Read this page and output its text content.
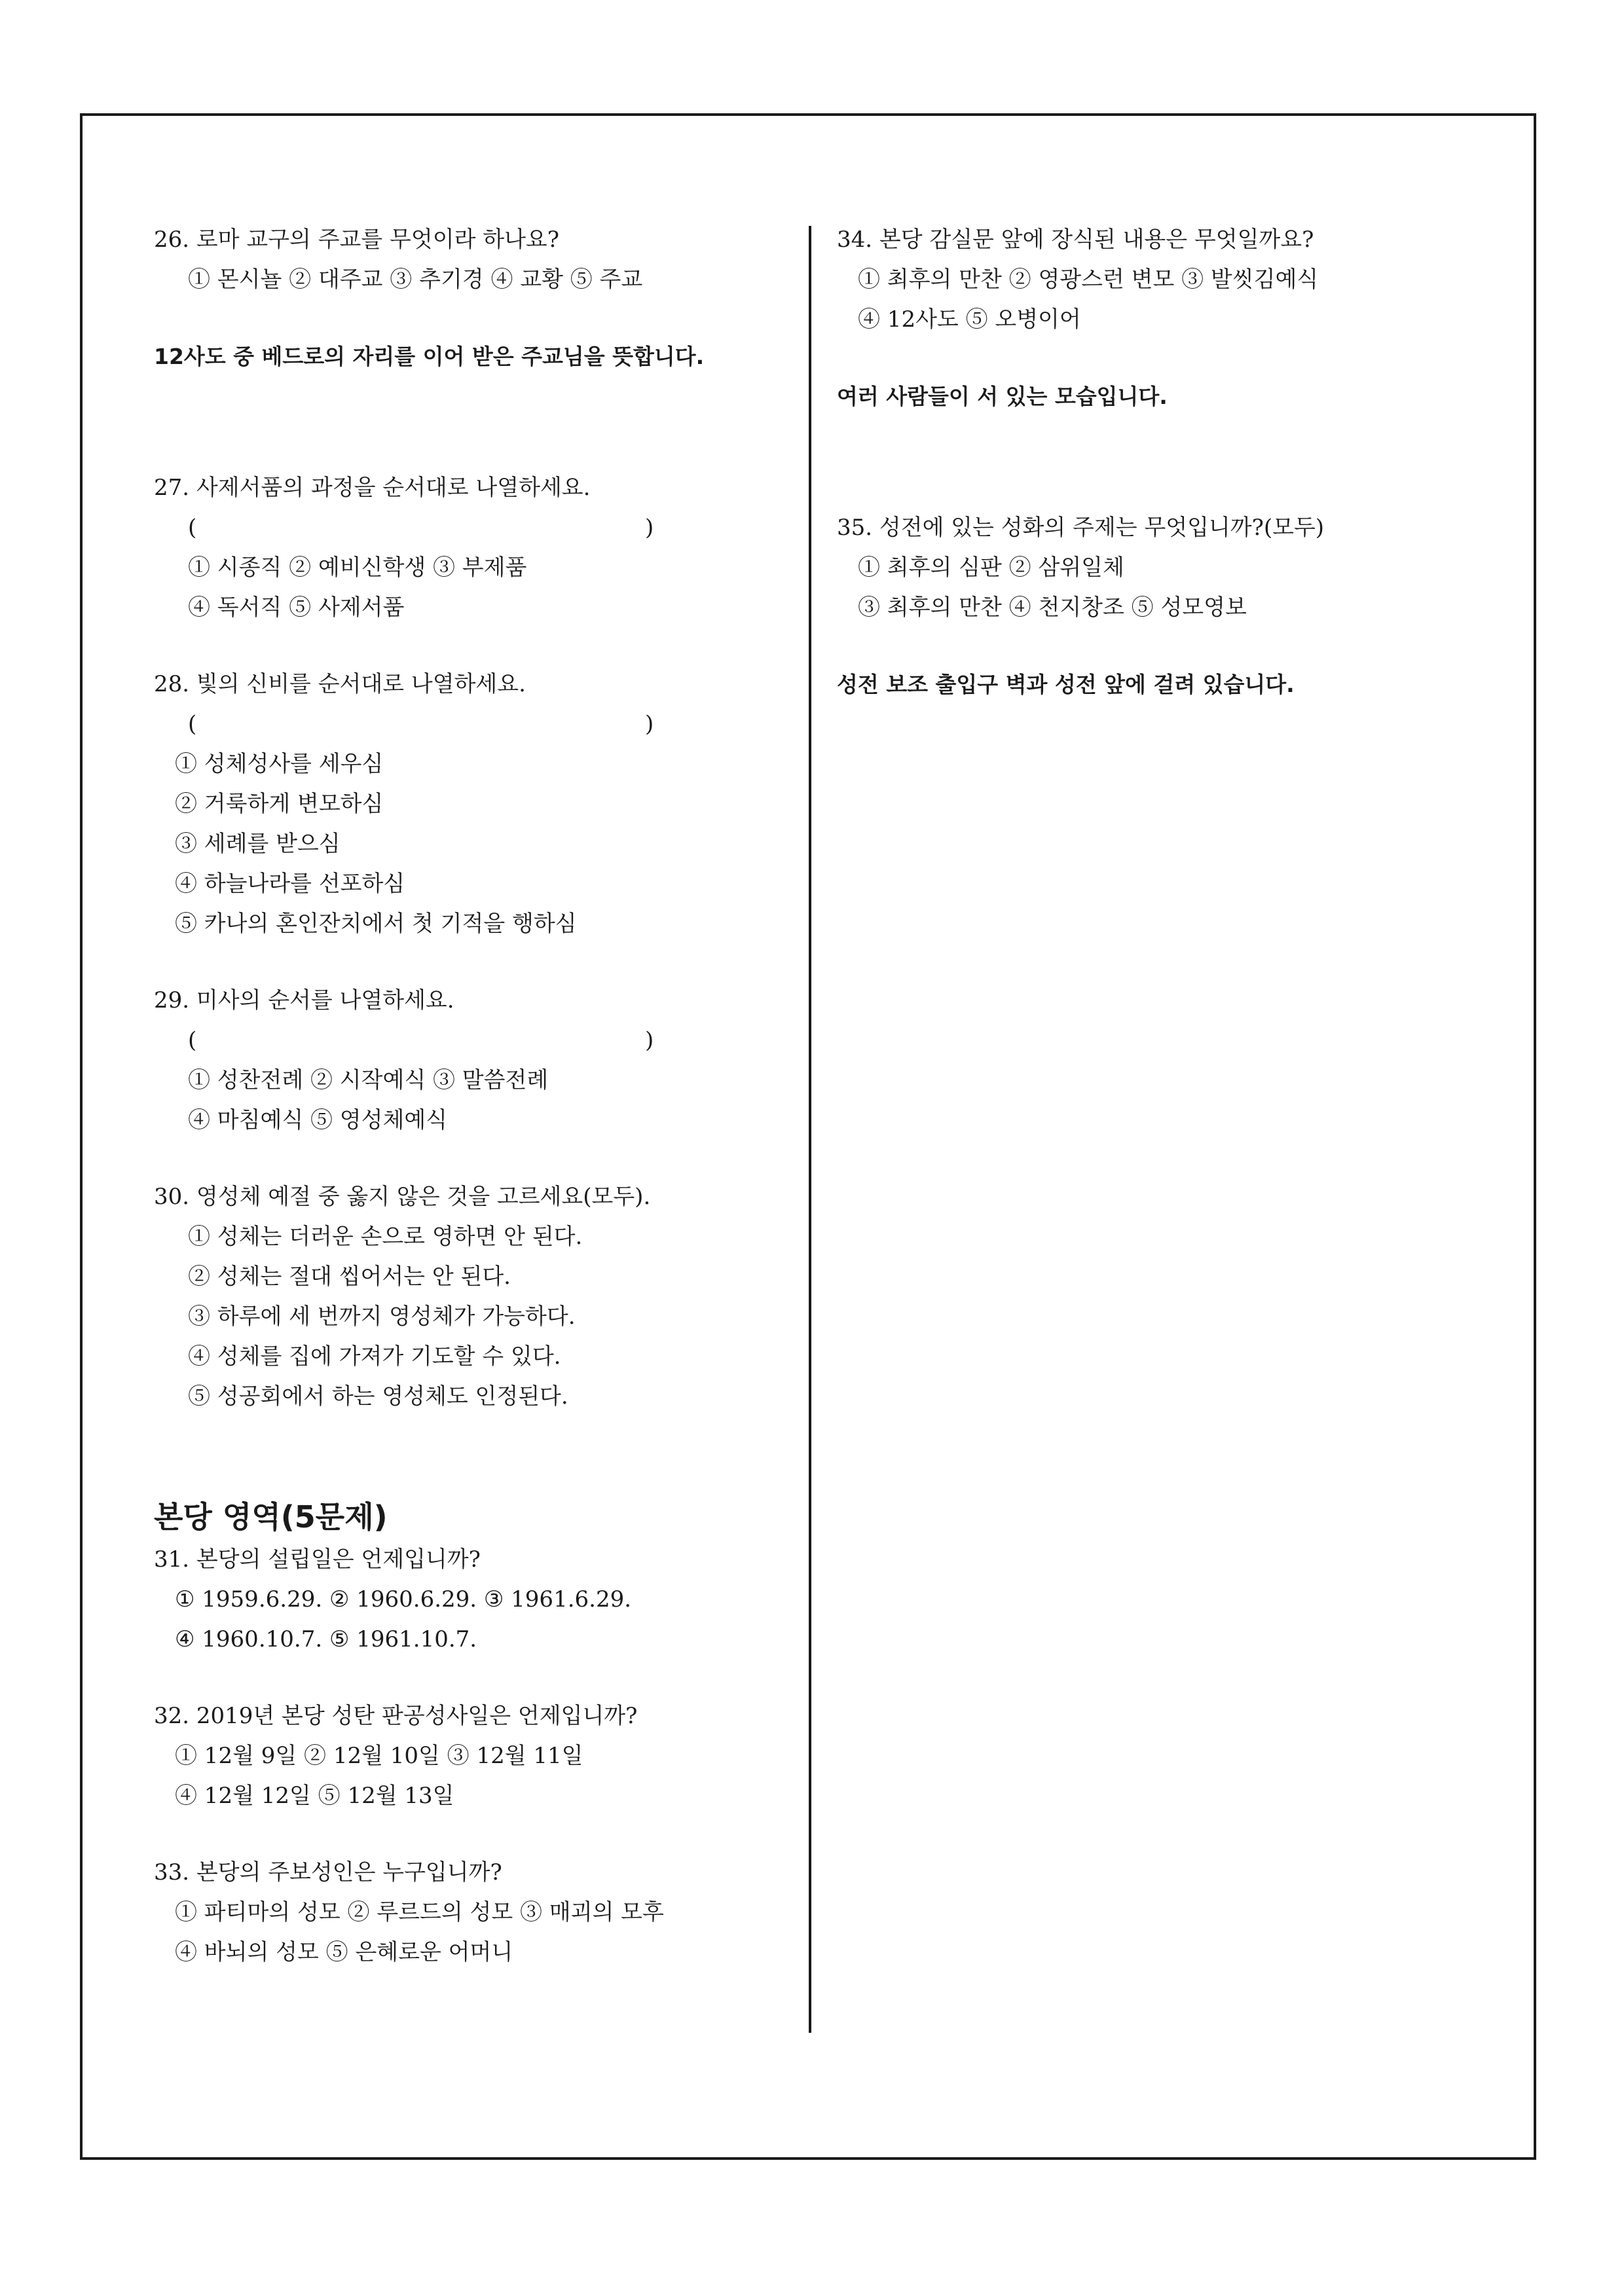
26. 로마 교구의 주교를 무엇이라 하나요?
① 몬시뇰 ② 대주교 ③ 추기경 ④ 교황 ⑤ 주교
12사도 중 베드로의 자리를 이어 받은 주교님을 뜻합니다.
27. 사제서품의 과정을 순서대로 나열하세요.
(	)
① 시종직 ② 예비신학생 ③ 부제품
④ 독서직 ⑤ 사제서품
28. 빛의 신비를 순서대로 나열하세요.
(	)
① 성체성사를 세우심
② 거룩하게 변모하심
③ 세례를 받으심
④ 하늘나라를 선포하심
⑤ 카나의 혼인잔치에서 첫 기적을 행하심
29. 미사의 순서를 나열하세요.
(	)
① 성찬전례 ② 시작예식 ③ 말씀전례
④ 마침예식 ⑤ 영성체예식
30. 영성체 예절 중 옳지 않은 것을 고르세요(모두).
① 성체는 더러운 손으로 영하면 안 된다.
② 성체는 절대 씹어서는 안 된다.
③ 하루에 세 번까지 영성체가 가능하다.
④ 성체를 집에 가져가 기도할 수 있다.
⑤ 성공회에서 하는 영성체도 인정된다.
본당 영역(5문제)
31. 본당의 설립일은 언제입니까?
① 1959.6.29. ② 1960.6.29. ③ 1961.6.29.
④ 1960.10.7. ⑤ 1961.10.7.
32. 2019년 본당 성탄 판공성사일은 언제입니까?
① 12월 9일 ② 12월 10일 ③ 12월 11일
④ 12월 12일 ⑤ 12월 13일
33. 본당의 주보성인은 누구입니까?
① 파티마의 성모 ② 루르드의 성모 ③ 매괴의 모후
④ 바뇌의 성모 ⑤ 은혜로운 어머니
34. 본당 감실문 앞에 장식된 내용은 무엇일까요?
① 최후의 만찬 ② 영광스런 변모 ③ 발씻김예식
④ 12사도 ⑤ 오병이어
여러 사람들이 서 있는 모습입니다.
35. 성전에 있는 성화의 주제는 무엇입니까?(모두)
① 최후의 심판 ② 삼위일체
③ 최후의 만찬 ④ 천지창조 ⑤ 성모영보
성전 보조 출입구 벽과 성전 앞에 걸려 있습니다.
